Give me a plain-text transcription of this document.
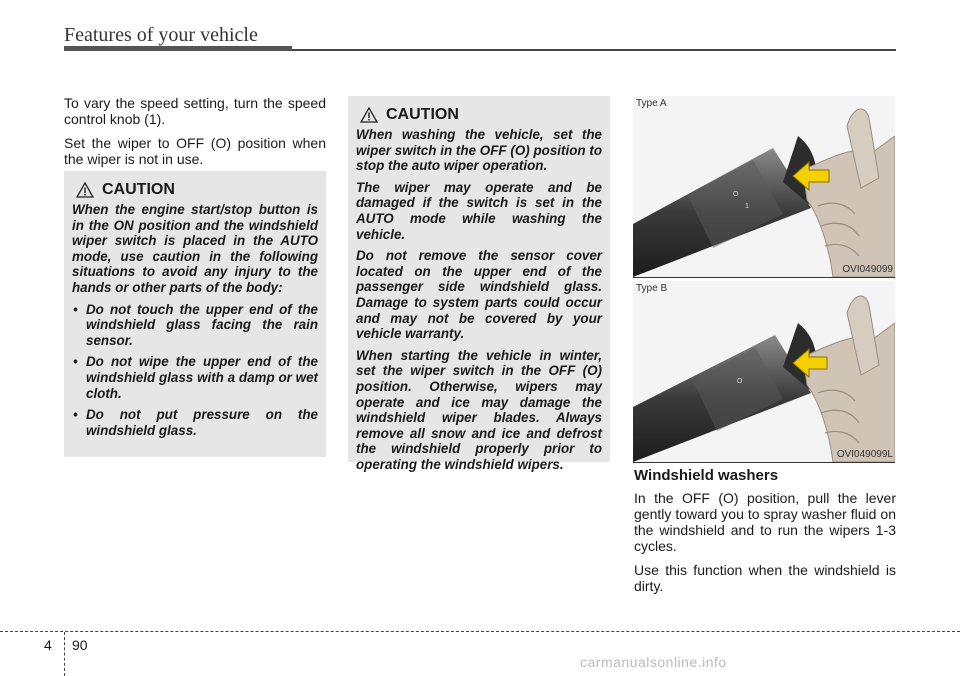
Features of your vehicle

To vary the speed setting, turn the speed control knob (1).

Set the wiper to OFF (O) position when the wiper is not in use.

CAUTION

When the engine start/stop button is in the ON position and the windshield wiper switch is placed in the AUTO mode, use caution in the following situations to avoid any injury to the hands or other parts of the body:

• Do not touch the upper end of the windshield glass facing the rain sensor.
• Do not wipe the upper end of the windshield glass with a damp or wet cloth.
• Do not put pressure on the windshield glass.
CAUTION

When washing the vehicle, set the wiper switch in the OFF (O) position to stop the auto wiper operation.

The wiper may operate and be damaged if the switch is set in the AUTO mode while washing the vehicle.

Do not remove the sensor cover located on the upper end of the passenger side windshield glass. Damage to system parts could occur and may not be covered by your vehicle warranty.

When starting the vehicle in winter, set the wiper switch in the OFF (O) position. Otherwise, wipers may operate and ice may damage the windshield wiper blades. Always remove all snow and ice and defrost the windshield properly prior to operating the windshield wipers.

O
1
Type A
OVI049099
O
Type B
OVI049099L
Windshield washers

In the OFF (O) position, pull the lever gently toward you to spray washer fluid on the windshield and to run the wipers 1-3 cycles.

Use this function when the windshield is dirty.

4 90
carmanualsonline.info
